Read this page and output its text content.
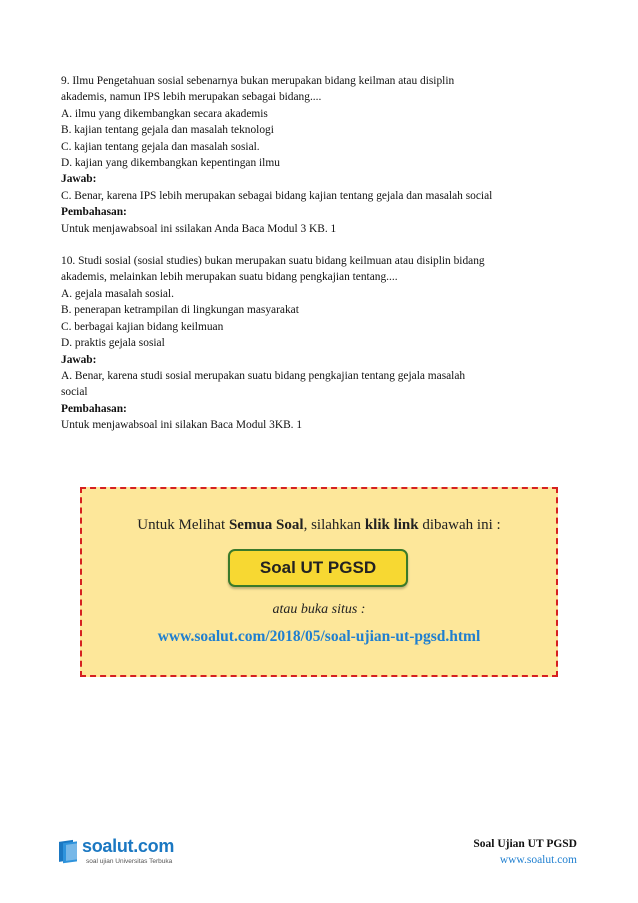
9. Ilmu Pengetahuan sosial sebenarnya bukan merupakan bidang keilman atau disiplin

akademis, namun IPS lebih merupakan sebagai bidang....

A. ilmu yang dikembangkan secara akademis

B. kajian tentang gejala dan masalah teknologi

C. kajian tentang gejala dan masalah sosial.

D. kajian yang dikembangkan kepentingan ilmu

Jawab:

C. Benar, karena IPS lebih merupakan sebagai bidang kajian tentang gejala dan masalah social

Pembahasan:

Untuk menjawabsoal ini ssilakan Anda Baca Modul 3 KB. 1

10. Studi sosial (sosial studies) bukan merupakan suatu bidang keilmuan atau disiplin bidang

akademis, melainkan lebih merupakan suatu bidang pengkajian tentang....

A. gejala masalah sosial.

B. penerapan ketrampilan di lingkungan masyarakat

C. berbagai kajian bidang keilmuan

D. praktis gejala sosial

Jawab:

A. Benar, karena studi sosial merupakan suatu bidang pengkajian tentang gejala masalah

social

Pembahasan:

Untuk menjawabsoal ini silakan Baca Modul 3KB. 1

Untuk Melihat Semua Soal, silahkan klik link dibawah ini :
Soal UT PGSD
atau buka situs :
www.soalut.com/2018/05/soal-ujian-ut-pgsd.html
soalut.com
soal ujian Universitas Terbuka
Soal Ujian UT PGSD
www.soalut.com
